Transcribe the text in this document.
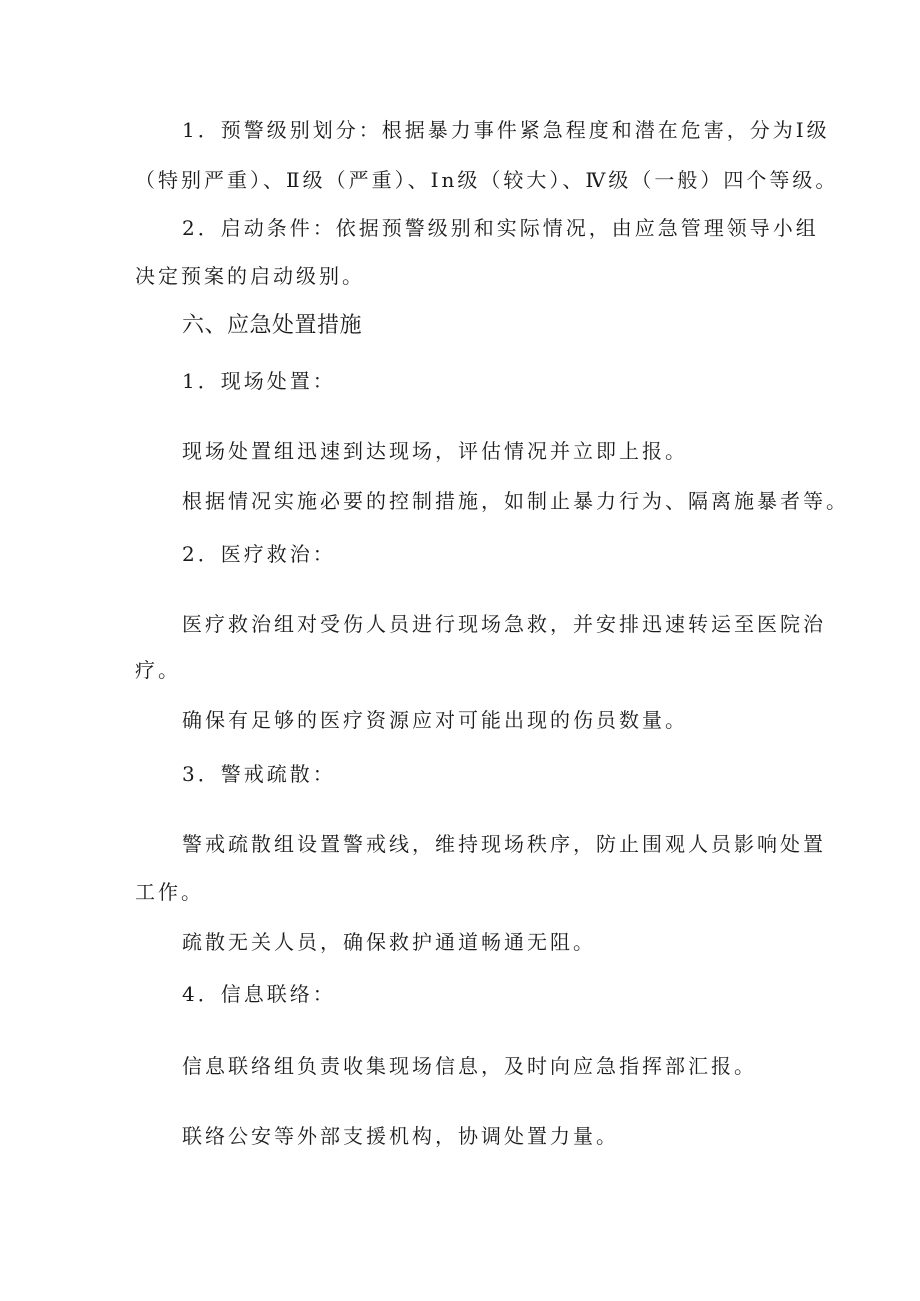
1．预警级别划分：根据暴力事件紧急程度和潜在危害，分为Ⅰ级
（特别严重）、Ⅱ级（严重）、In级（较大）、Ⅳ级（一般）四个等级。
2．启动条件：依据预警级别和实际情况，由应急管理领导小组
决定预案的启动级别。
六、应急处置措施
1．现场处置：
现场处置组迅速到达现场，评估情况并立即上报。
根据情况实施必要的控制措施，如制止暴力行为、隔离施暴者等。
2．医疗救治：
医疗救治组对受伤人员进行现场急救，并安排迅速转运至医院治
疗。
确保有足够的医疗资源应对可能出现的伤员数量。
3．警戒疏散：
警戒疏散组设置警戒线，维持现场秩序，防止围观人员影响处置
工作。
疏散无关人员，确保救护通道畅通无阻。
4．信息联络：
信息联络组负责收集现场信息，及时向应急指挥部汇报。
联络公安等外部支援机构，协调处置力量。
